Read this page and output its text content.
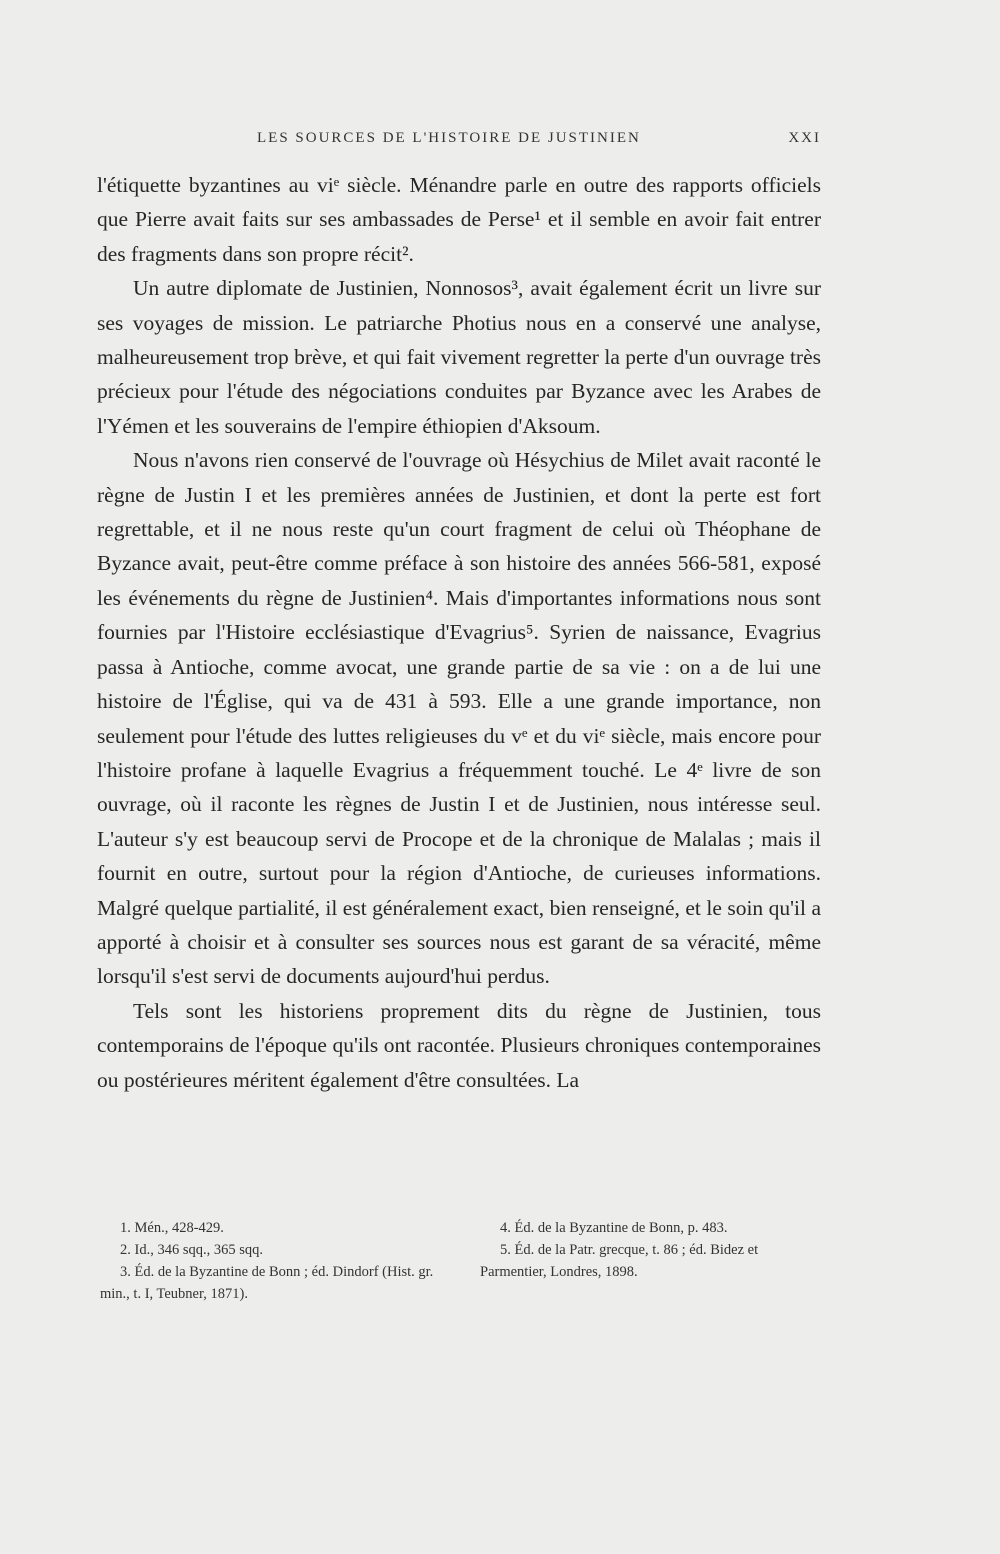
LES SOURCES DE L'HISTOIRE DE JUSTINIEN	XXI

l'étiquette byzantines au viᵉ siècle. Ménandre parle en outre des rapports officiels que Pierre avait faits sur ses ambassades de Perse¹ et il semble en avoir fait entrer des fragments dans son propre récit².

Un autre diplomate de Justinien, Nonnosos³, avait également écrit un livre sur ses voyages de mission. Le patriarche Photius nous en a conservé une analyse, malheureusement trop brève, et qui fait vivement regretter la perte d'un ouvrage très précieux pour l'étude des négociations conduites par Byzance avec les Arabes de l'Yémen et les souverains de l'empire éthiopien d'Aksoum.

Nous n'avons rien conservé de l'ouvrage où Hésychius de Milet avait raconté le règne de Justin I et les premières années de Justinien, et dont la perte est fort regrettable, et il ne nous reste qu'un court fragment de celui où Théophane de Byzance avait, peut-être comme préface à son histoire des années 566-581, exposé les événements du règne de Justinien⁴. Mais d'importantes informations nous sont fournies par l'Histoire ecclésiastique d'Evagrius⁵. Syrien de naissance, Evagrius passa à Antioche, comme avocat, une grande partie de sa vie : on a de lui une histoire de l'Église, qui va de 431 à 593. Elle a une grande importance, non seulement pour l'étude des luttes religieuses du vᵉ et du viᵉ siècle, mais encore pour l'histoire profane à laquelle Evagrius a fréquemment touché. Le 4ᵉ livre de son ouvrage, où il raconte les règnes de Justin I et de Justinien, nous intéresse seul. L'auteur s'y est beaucoup servi de Procope et de la chronique de Malalas ; mais il fournit en outre, surtout pour la région d'Antioche, de curieuses informations. Malgré quelque partialité, il est généralement exact, bien renseigné, et le soin qu'il a apporté à choisir et à consulter ses sources nous est garant de sa véracité, même lorsqu'il s'est servi de documents aujourd'hui perdus.

Tels sont les historiens proprement dits du règne de Justinien, tous contemporains de l'époque qu'ils ont racontée. Plusieurs chroniques contemporaines ou postérieures méritent également d'être consultées. La

1. Mén., 428-429.

2. Id., 346 sqq., 365 sqq.

3. Éd. de la Byzantine de Bonn ; éd. Dindorf (Hist. gr. min., t. I, Teubner, 1871).

4. Éd. de la Byzantine de Bonn, p. 483.

5. Éd. de la Patr. grecque, t. 86 ; éd. Bidez et Parmentier, Londres, 1898.
